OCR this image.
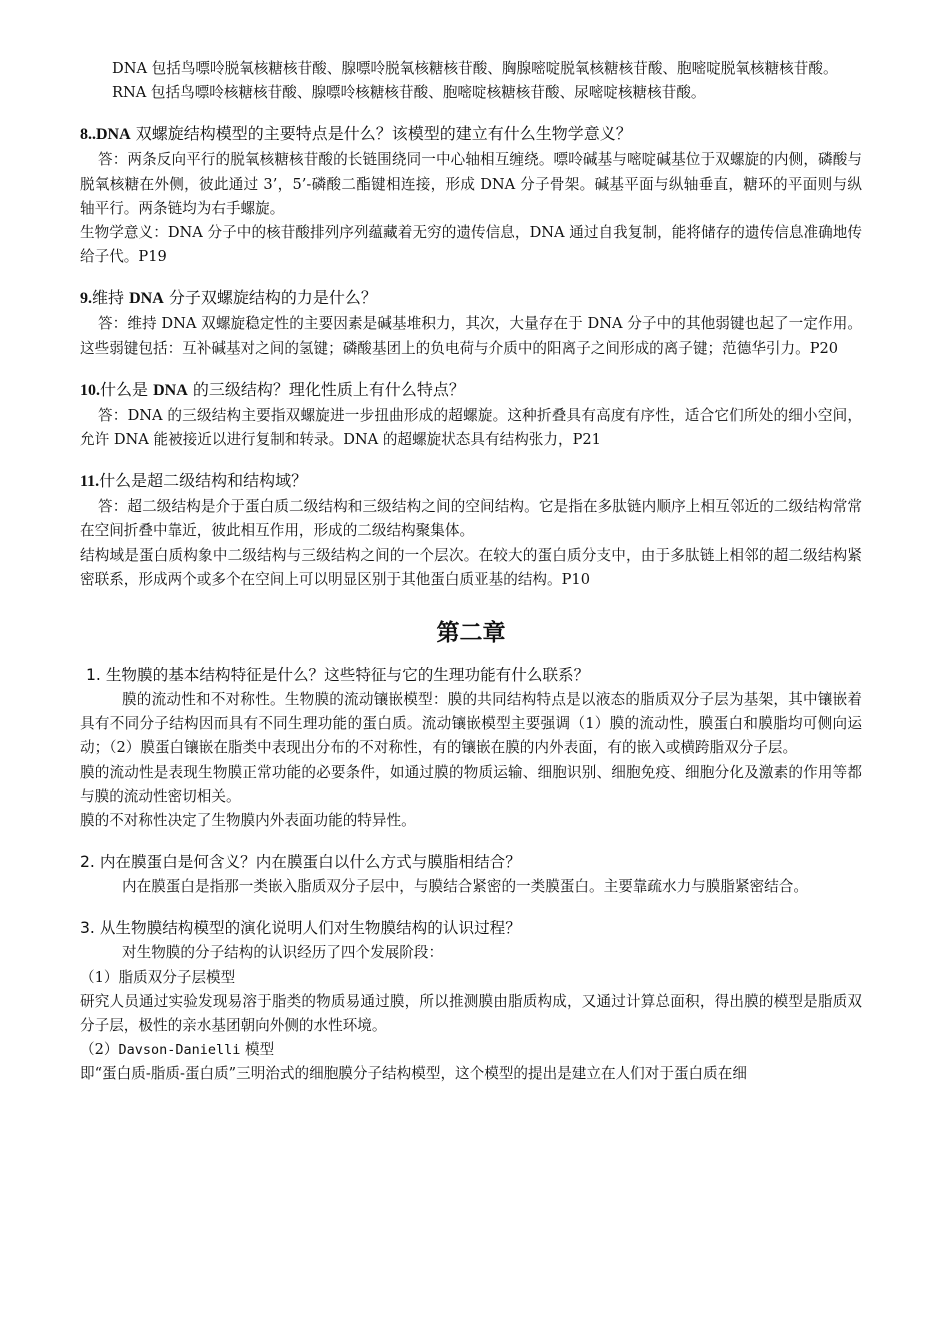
DNA 包括鸟嘌呤脱氧核糖核苷酸、腺嘌呤脱氧核糖核苷酸、胸腺嘧啶脱氧核糖核苷酸、胞嘧啶脱氧核糖核苷酸。

RNA 包括鸟嘌呤核糖核苷酸、腺嘌呤核糖核苷酸、胞嘧啶核糖核苷酸、尿嘧啶核糖核苷酸。

8..DNA 双螺旋结构模型的主要特点是什么？该模型的建立有什么生物学意义？

答：两条反向平行的脱氧核糖核苷酸的长链围绕同一中心轴相互缠绕。嘌呤碱基与嘧啶碱基位于双螺旋的内侧，磷酸与脱氧核糖在外侧，彼此通过 3’，5’-磷酸二酯键相连接，形成 DNA 分子骨架。碱基平面与纵轴垂直，糖环的平面则与纵轴平行。两条链均为右手螺旋。

生物学意义：DNA 分子中的核苷酸排列序列蕴藏着无穷的遗传信息，DNA 通过自我复制，能将储存的遗传信息准确地传给子代。P19

9.维持 DNA 分子双螺旋结构的力是什么？

答：维持 DNA 双螺旋稳定性的主要因素是碱基堆积力，其次，大量存在于 DNA 分子中的其他弱键也起了一定作用。这些弱键包括：互补碱基对之间的氢键；磷酸基团上的负电荷与介质中的阳离子之间形成的离子键；范德华引力。P20

10.什么是 DNA 的三级结构？理化性质上有什么特点？

答：DNA 的三级结构主要指双螺旋进一步扭曲形成的超螺旋。这种折叠具有高度有序性，适合它们所处的细小空间，允许 DNA 能被接近以进行复制和转录。DNA 的超螺旋状态具有结构张力，P21

11.什么是超二级结构和结构域？

答：超二级结构是介于蛋白质二级结构和三级结构之间的空间结构。它是指在多肽链内顺序上相互邻近的二级结构常常在空间折叠中靠近，彼此相互作用，形成的二级结构聚集体。

结构域是蛋白质构象中二级结构与三级结构之间的一个层次。在较大的蛋白质分支中，由于多肽链上相邻的超二级结构紧密联系，形成两个或多个在空间上可以明显区别于其他蛋白质亚基的结构。P10

第二章

1. 生物膜的基本结构特征是什么？这些特征与它的生理功能有什么联系？

膜的流动性和不对称性。生物膜的流动镶嵌模型：膜的共同结构特点是以液态的脂质双分子层为基架，其中镶嵌着具有不同分子结构因而具有不同生理功能的蛋白质。流动镶嵌模型主要强调（1）膜的流动性，膜蛋白和膜脂均可侧向运动；（2）膜蛋白镶嵌在脂类中表现出分布的不对称性，有的镶嵌在膜的内外表面，有的嵌入或横跨脂双分子层。

膜的流动性是表现生物膜正常功能的必要条件，如通过膜的物质运输、细胞识别、细胞免疫、细胞分化及激素的作用等都与膜的流动性密切相关。

膜的不对称性决定了生物膜内外表面功能的特异性。

2. 内在膜蛋白是何含义？内在膜蛋白以什么方式与膜脂相结合？

内在膜蛋白是指那一类嵌入脂质双分子层中，与膜结合紧密的一类膜蛋白。主要靠疏水力与膜脂紧密结合。

3. 从生物膜结构模型的演化说明人们对生物膜结构的认识过程？

对生物膜的分子结构的认识经历了四个发展阶段：

（1）脂质双分子层模型

研究人员通过实验发现易溶于脂类的物质易通过膜，所以推测膜由脂质构成，又通过计算总面积，得出膜的模型是脂质双分子层，极性的亲水基团朝向外侧的水性环境。

（2）Davson-Danielli 模型

即“蛋白质-脂质-蛋白质”三明治式的细胞膜分子结构模型，这个模型的提出是建立在人们对于蛋白质在细
